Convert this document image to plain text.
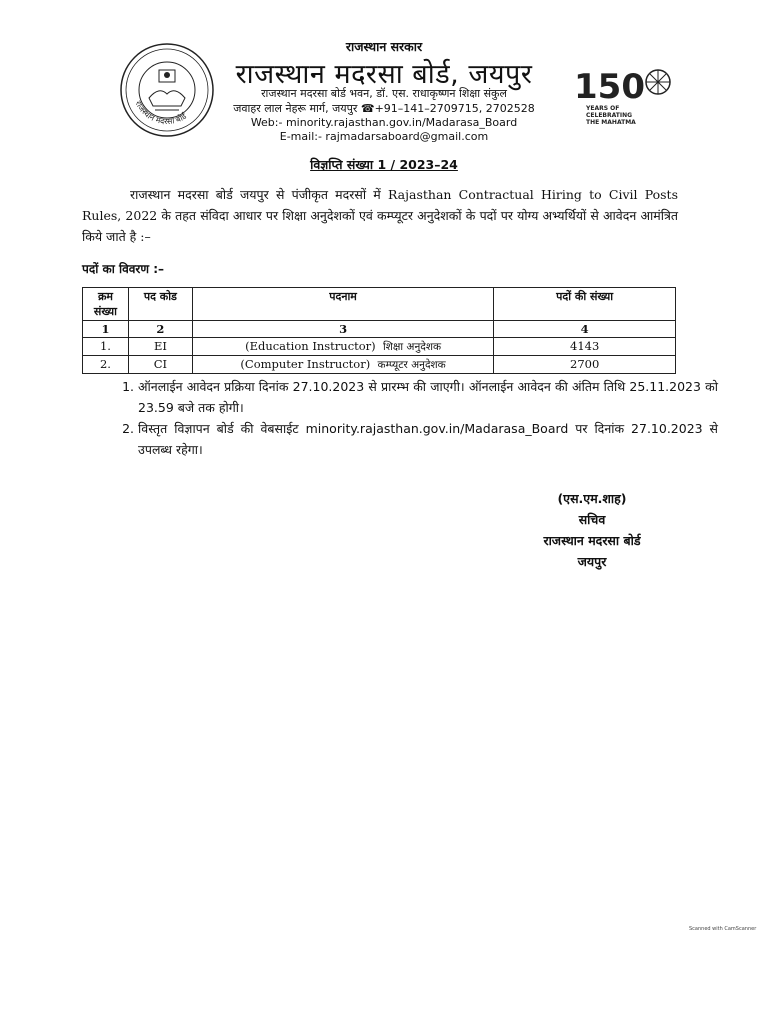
राजस्थान मदरसा बोर्ड
150
YEARS OF
CELEBRATING
THE MAHATMA
राजस्थान सरकार
राजस्थान मदरसा बोर्ड, जयपुर
राजस्थान मदरसा बोर्ड भवन, डॉ. एस. राधाकृष्णन शिक्षा संकुल
जवाहर लाल नेहरू मार्ग, जयपुर ☎+91–141–2709715, 2702528
Web:- minority.rajasthan.gov.in/Madarasa_Board
E-mail:- rajmadarsaboard@gmail.com
विज्ञप्ति संख्या 1 / 2023–24

राजस्थान मदरसा बोर्ड जयपुर से पंजीकृत मदरसों में Rajasthan Contractual Hiring to Civil Posts Rules, 2022 के तहत संविदा आधार पर शिक्षा अनुदेशकों एवं कम्प्यूटर अनुदेशकों के पदों पर योग्य अभ्यर्थियों से आवेदन आमंत्रित किये जाते है :–

पदों का विवरण :–
क्रम संख्या	पद कोड	पदनाम	पदों की संख्या
1	2	3	4
1.	EI	(Education Instructor) शिक्षा अनुदेशक	4143
2.	CI	(Computer Instructor) कम्प्यूटर अनुदेशक	2700
1. ऑनलाईन आवेदन प्रक्रिया दिनांक 27.10.2023 से प्रारम्भ की जाएगी। ऑनलाईन आवेदन की अंतिम तिथि 25.11.2023 को 23.59 बजे तक होगी।
2. विस्तृत विज्ञापन बोर्ड की वेबसाईट minority.rajasthan.gov.in/Madarasa_Board पर दिनांक 27.10.2023 से उपलब्ध रहेगा।
(एस.एम.शाह)
सचिव
राजस्थान मदरसा बोर्ड
जयपुर
Scanned with CamScanner
